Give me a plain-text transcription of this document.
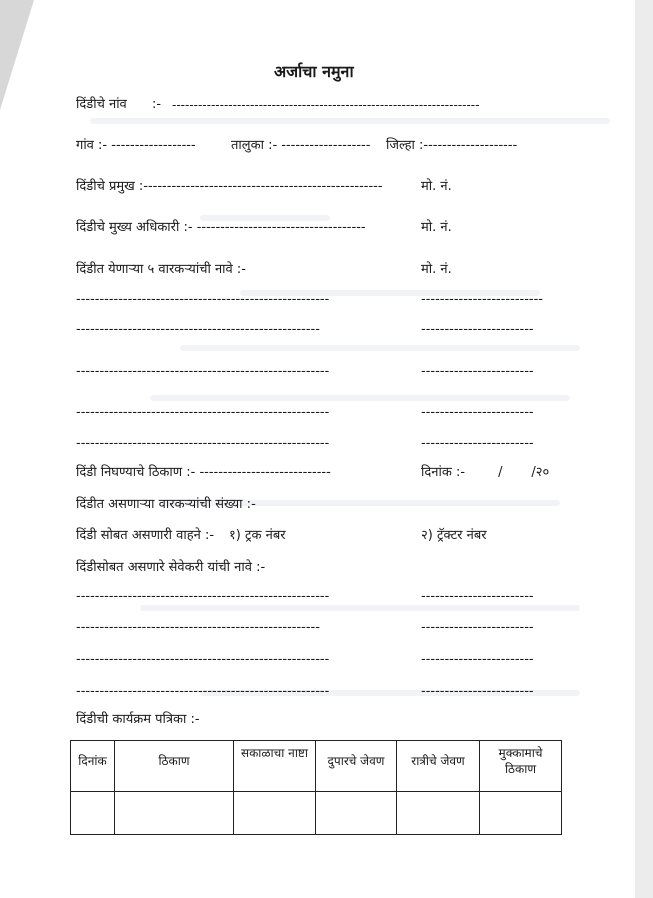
अर्जाचा नमुना
दिंडीचे नांव :- -----------------------------------------------------------------------
गांव :- ------------------	तालुका :- ------------------- जिल्हा :--------------------
दिंडीचे प्रमुख :---------------------------------------------------	मो. नं.
दिंडीचे मुख्य अधिकारी :- ------------------------------------	मो. नं.
दिंडीत येणाऱ्या ५ वारकऱ्यांची नावे :-	मो. नं.
------------------------------------------------------	--------------------------
----------------------------------------------------	------------------------
------------------------------------------------------	------------------------
------------------------------------------------------	------------------------
------------------------------------------------------	------------------------
दिंडी निघण्याचे ठिकाण :- ----------------------------	दिनांक :-        /       /२०
दिंडीत असणाऱ्या वारकऱ्यांची संख्या :-
दिंडी सोबत असणारी वाहने :- १) ट्रक नंबर	२) ट्रॅक्टर नंबर
दिंडीसोबत असणारे सेवेकरी यांची नावे :-
------------------------------------------------------	------------------------
----------------------------------------------------	------------------------
------------------------------------------------------	------------------------
------------------------------------------------------	------------------------
दिंडीची कार्यक्रम पत्रिका :-
दिनांक	ठिकाण	सकाळाचा नाष्टा	दुपारचे जेवण	रात्रीचे जेवण	मुक्कामाचे ठिकाण
